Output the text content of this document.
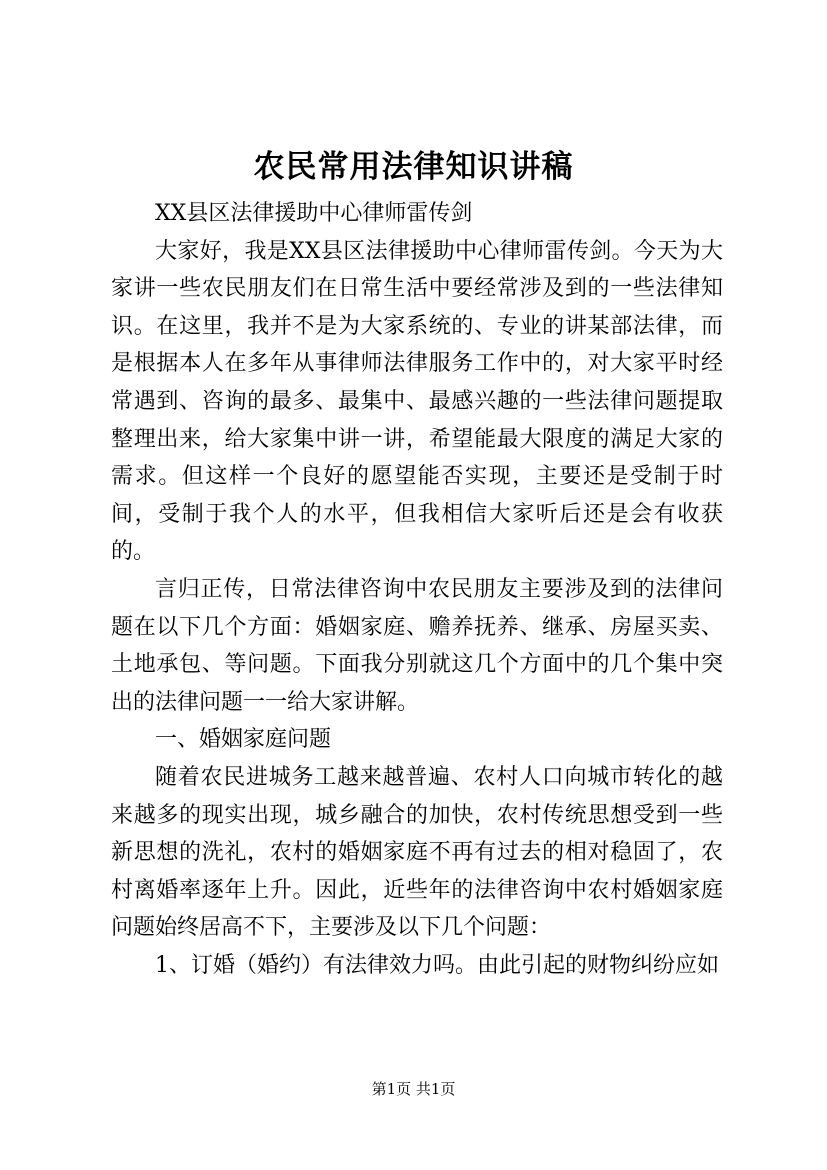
农民常用法律知识讲稿

XX县区法律援助中心律师雷传剑

大家好，我是XX县区法律援助中心律师雷传剑。今天为大家讲一些农民朋友们在日常生活中要经常涉及到的一些法律知识。在这里，我并不是为大家系统的、专业的讲某部法律，而是根据本人在多年从事律师法律服务工作中的，对大家平时经常遇到、咨询的最多、最集中、最感兴趣的一些法律问题提取整理出来，给大家集中讲一讲，希望能最大限度的满足大家的需求。但这样一个良好的愿望能否实现，主要还是受制于时间，受制于我个人的水平，但我相信大家听后还是会有收获的。

言归正传，日常法律咨询中农民朋友主要涉及到的法律问题在以下几个方面：婚姻家庭、赡养抚养、继承、房屋买卖、土地承包、等问题。下面我分别就这几个方面中的几个集中突出的法律问题一一给大家讲解。

一、婚姻家庭问题

随着农民进城务工越来越普遍、农村人口向城市转化的越来越多的现实出现，城乡融合的加快，农村传统思想受到一些新思想的洗礼，农村的婚姻家庭不再有过去的相对稳固了，农村离婚率逐年上升。因此，近些年的法律咨询中农村婚姻家庭问题始终居高不下，主要涉及以下几个问题：

1、订婚（婚约）有法律效力吗。由此引起的财物纠纷应如

第1页 共1页
